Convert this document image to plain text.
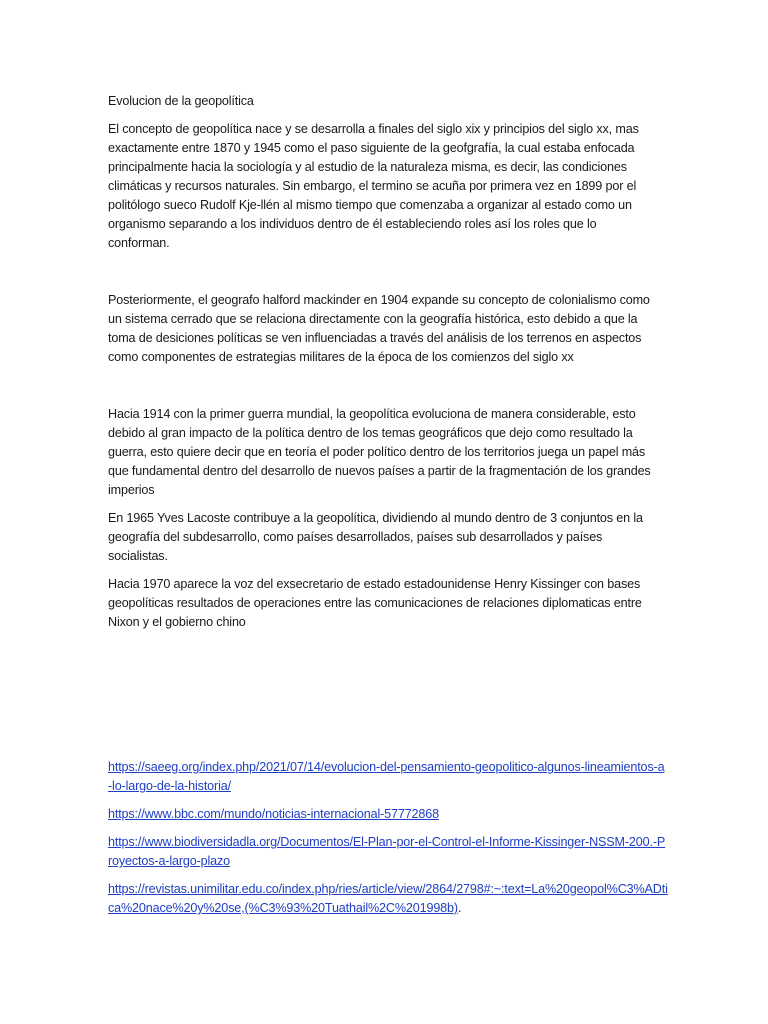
Evolucion de la geopolítica

El concepto de geopolítica nace y se desarrolla a finales del siglo xix y principios del siglo xx, mas exactamente entre 1870 y 1945 como el paso siguiente de la geofgrafía, la cual estaba enfocada principalmente hacia la sociología y al estudio de la naturaleza misma, es decir, las condiciones climáticas y recursos naturales. Sin embargo, el termino se acuña por primera vez en 1899 por el politólogo sueco Rudolf Kje-llén al mismo tiempo que comenzaba a organizar al estado como un organismo separando a los individuos dentro de él estableciendo roles así los roles que lo conforman.

Posteriormente, el geografo halford mackinder en 1904 expande su concepto de colonialismo como un sistema cerrado que se relaciona directamente con la geografía histórica, esto debido a que la toma de desiciones políticas se ven influenciadas a través del análisis de los terrenos en aspectos como componentes de estrategias militares de la época de los comienzos del siglo xx

Hacia 1914 con la primer guerra mundial, la geopolítica evoluciona de manera considerable, esto debido al gran impacto de la política dentro de los temas geográficos que dejo como resultado la guerra, esto quiere decir que en teoría el poder político dentro de los territorios juega un papel más que fundamental dentro del desarrollo de nuevos países a partir de la fragmentación de los grandes imperios

En 1965 Yves Lacoste contribuye a la geopolítica, dividiendo al mundo dentro de 3 conjuntos en la geografía del subdesarrollo, como países desarrollados, países sub desarrollados y países socialistas.

Hacia 1970 aparece la voz del exsecretario de estado estadounidense Henry Kissinger con bases geopolíticas resultados de operaciones entre las comunicaciones de relaciones diplomaticas entre Nixon y el gobierno chino

https://saeeg.org/index.php/2021/07/14/evolucion-del-pensamiento-geopolitico-algunos-lineamientos-a-lo-largo-de-la-historia/

https://www.bbc.com/mundo/noticias-internacional-57772868

https://www.biodiversidadla.org/Documentos/El-Plan-por-el-Control-el-Informe-Kissinger-NSSM-200.-Proyectos-a-largo-plazo

https://revistas.unimilitar.edu.co/index.php/ries/article/view/2864/2798#:~:text=La%20geopol%C3%ADtica%20nace%20y%20se,(%C3%93%20Tuathail%2C%201998b).
